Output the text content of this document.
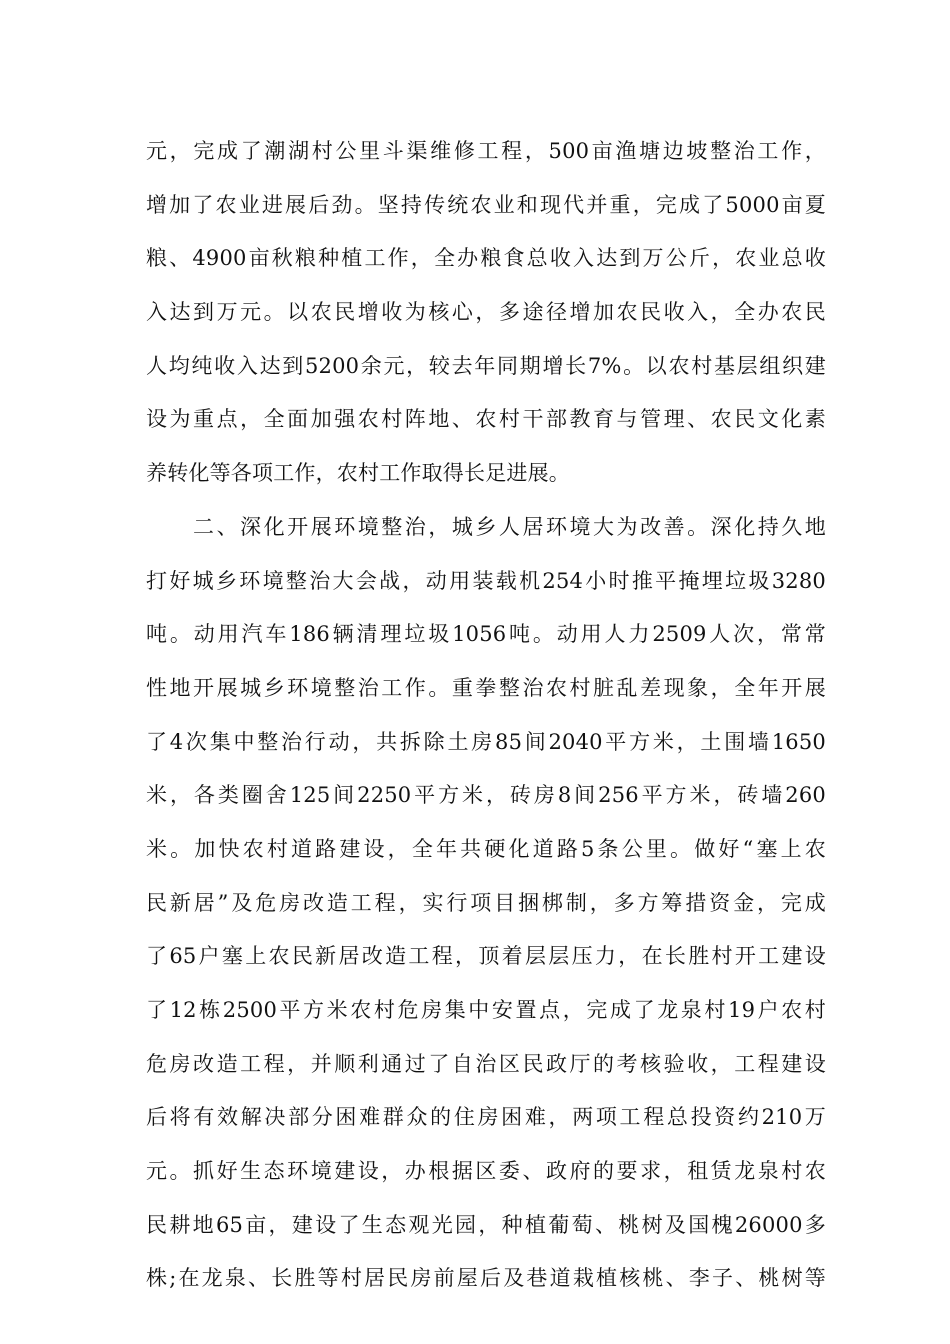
元，完成了潮湖村公里斗渠维修工程，500亩渔塘边坡整治工作，
增加了农业进展后劲。坚持传统农业和现代并重，完成了5000亩夏
粮、4900亩秋粮种植工作，全办粮食总收入达到万公斤，农业总收
入达到万元。以农民增收为核心，多途径增加农民收入，全办农民
人均纯收入达到5200余元，较去年同期增长7%。以农村基层组织建
设为重点，全面加强农村阵地、农村干部教育与管理、农民文化素
养转化等各项工作，农村工作取得长足进展。
　　二、深化开展环境整治，城乡人居环境大为改善。深化持久地
打好城乡环境整治大会战，动用装载机254小时推平掩埋垃圾3280
吨。动用汽车186辆清理垃圾1056吨。动用人力2509人次，常常
性地开展城乡环境整治工作。重拳整治农村脏乱差现象，全年开展
了4次集中整治行动，共拆除土房85间2040平方米，土围墙1650
米，各类圈舍125间2250平方米，砖房8间256平方米，砖墙260
米。加快农村道路建设，全年共硬化道路5条公里。做好“塞上农
民新居”及危房改造工程，实行项目捆梆制，多方筹措资金，完成
了65户塞上农民新居改造工程，顶着层层压力，在长胜村开工建设
了12栋2500平方米农村危房集中安置点，完成了龙泉村19户农村
危房改造工程，并顺利通过了自治区民政厅的考核验收，工程建设
后将有效解决部分困难群众的住房困难，两项工程总投资约210万
元。抓好生态环境建设，办根据区委、政府的要求，租赁龙泉村农
民耕地65亩，建设了生态观光园，种植葡萄、桃树及国槐26000多
株;在龙泉、长胜等村居民房前屋后及巷道栽植核桃、李子、桃树等
